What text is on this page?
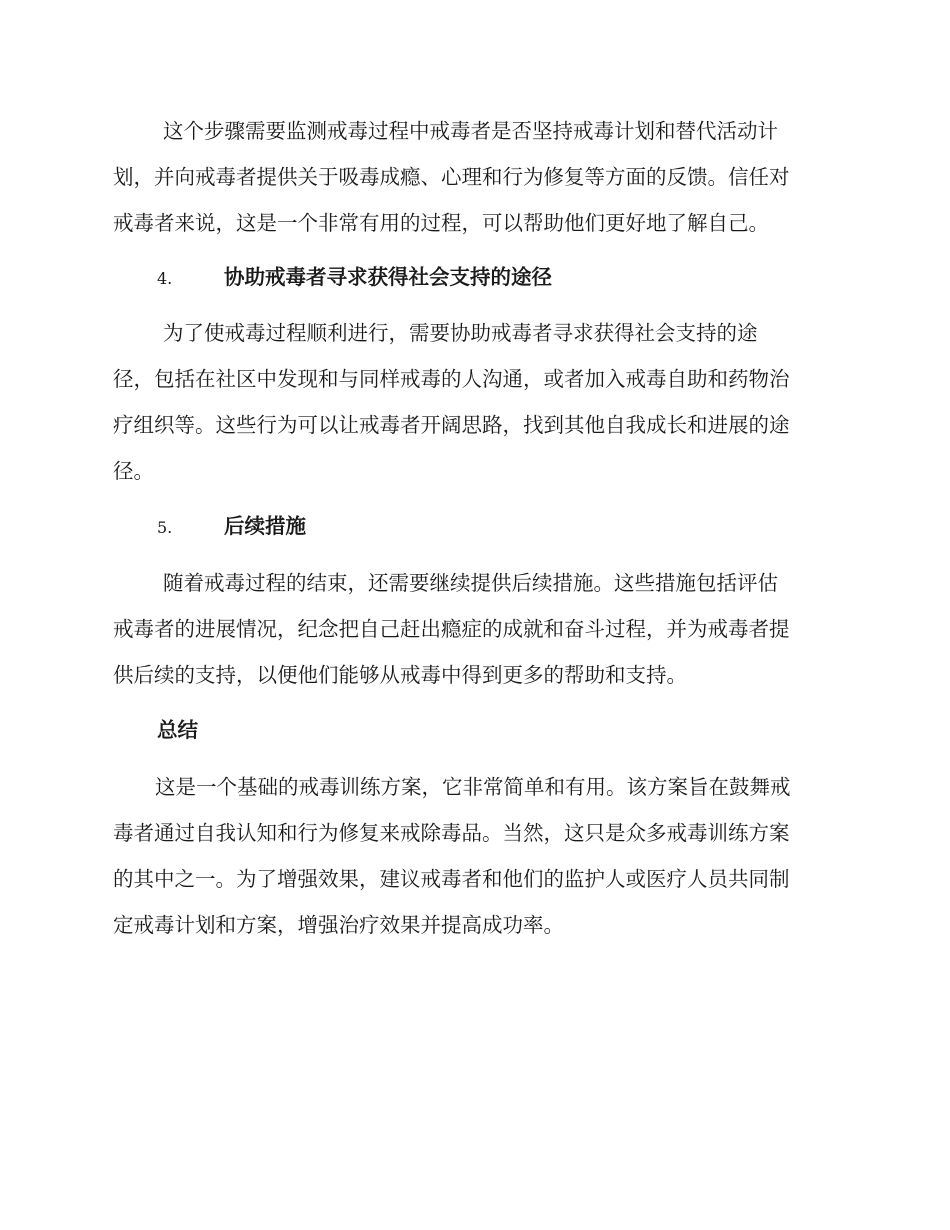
这个步骤需要监测戒毒过程中戒毒者是否坚持戒毒计划和替代活动计
划，并向戒毒者提供关于吸毒成瘾、心理和行为修复等方面的反馈。信任对
戒毒者来说，这是一个非常有用的过程，可以帮助他们更好地了解自己。
4.	协助戒毒者寻求获得社会支持的途径
为了使戒毒过程顺利进行，需要协助戒毒者寻求获得社会支持的途
径，包括在社区中发现和与同样戒毒的人沟通，或者加入戒毒自助和药物治
疗组织等。这些行为可以让戒毒者开阔思路，找到其他自我成长和进展的途
径。
5.	后续措施
随着戒毒过程的结束，还需要继续提供后续措施。这些措施包括评估
戒毒者的进展情况，纪念把自己赶出瘾症的成就和奋斗过程，并为戒毒者提
供后续的支持，以便他们能够从戒毒中得到更多的帮助和支持。
总结
这是一个基础的戒毒训练方案，它非常简单和有用。该方案旨在鼓舞戒
毒者通过自我认知和行为修复来戒除毒品。当然，这只是众多戒毒训练方案
的其中之一。为了增强效果，建议戒毒者和他们的监护人或医疗人员共同制
定戒毒计划和方案，增强治疗效果并提高成功率。
